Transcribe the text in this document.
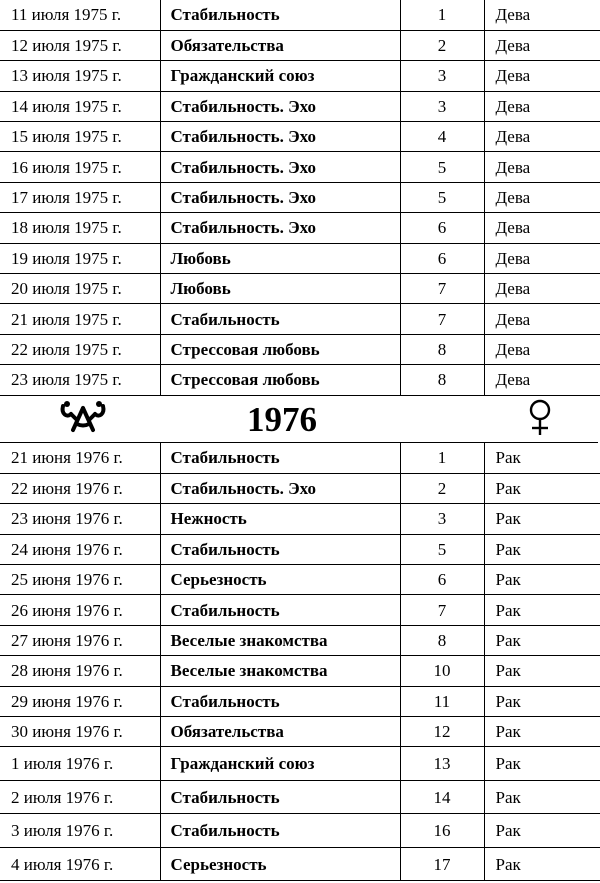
11 июля 1975 г.	Стабильность	1	Дева
12 июля 1975 г.	Обязательства	2	Дева
13 июля 1975 г.	Гражданский союз	3	Дева
14 июля 1975 г.	Стабильность. Эхо	3	Дева
15 июля 1975 г.	Стабильность. Эхо	4	Дева
16 июля 1975 г.	Стабильность. Эхо	5	Дева
17 июля 1975 г.	Стабильность. Эхо	5	Дева
18 июля 1975 г.	Стабильность. Эхо	6	Дева
19 июля 1975 г.	Любовь	6	Дева
20 июля 1975 г.	Любовь	7	Дева
21 июля 1975 г.	Стабильность	7	Дева
22 июля 1975 г.	Стрессовая любовь	8	Дева
23 июля 1975 г.	Стрессовая любовь	8	Дева
1976
21 июня 1976 г.	Стабильность	1	Рак
22 июня 1976 г.	Стабильность. Эхо	2	Рак
23 июня 1976 г.	Нежность	3	Рак
24 июня 1976 г.	Стабильность	5	Рак
25 июня 1976 г.	Серьезность	6	Рак
26 июня 1976 г.	Стабильность	7	Рак
27 июня 1976 г.	Веселые знакомства	8	Рак
28 июня 1976 г.	Веселые знакомства	10	Рак
29 июня 1976 г.	Стабильность	11	Рак
30 июня 1976 г.	Обязательства	12	Рак
1 июля 1976 г.	Гражданский союз	13	Рак
2 июля 1976 г.	Стабильность	14	Рак
3 июля 1976 г.	Стабильность	16	Рак
4 июля 1976 г.	Серьезность	17	Рак
